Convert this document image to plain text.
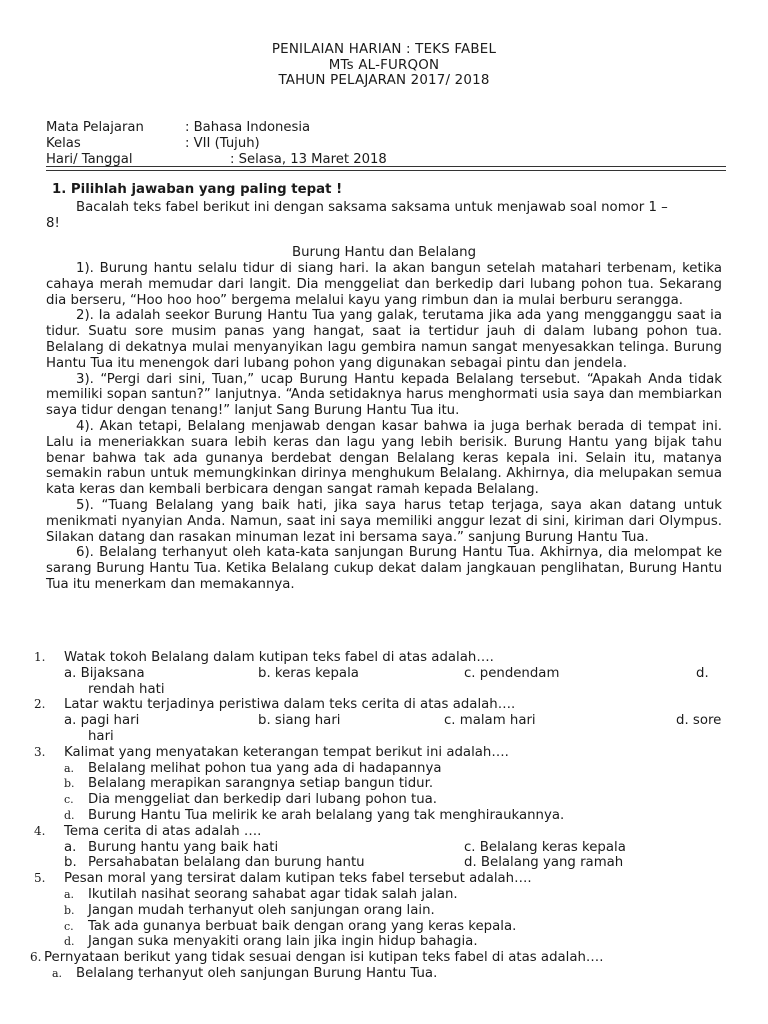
PENILAIAN HARIAN : TEKS FABEL
MTs AL-FURQON
TAHUN PELAJARAN 2017/ 2018
Mata Pelajaran	: Bahasa Indonesia
Kelas	: VII (Tujuh)
Hari/ Tanggal	: Selasa, 13 Maret 2018
1. Pilihlah jawaban yang paling tepat !

Bacalah teks fabel berikut ini dengan saksama saksama untuk menjawab soal nomor 1 –

8!
Burung Hantu dan Belalang

1). Burung hantu selalu tidur di siang hari. Ia akan bangun setelah matahari terbenam, ketika cahaya merah memudar dari langit. Dia menggeliat dan berkedip dari lubang pohon tua. Sekarang dia berseru, “Hoo hoo hoo” bergema melalui kayu yang rimbun dan ia mulai berburu serangga.

2). Ia adalah seekor Burung Hantu Tua yang galak, terutama jika ada yang mengganggu saat ia tidur. Suatu sore musim panas yang hangat, saat ia tertidur jauh di dalam lubang pohon tua. Belalang di dekatnya mulai menyanyikan lagu gembira namun sangat menyesakkan telinga. Burung Hantu Tua itu menengok dari lubang pohon yang digunakan sebagai pintu dan jendela.

3). “Pergi dari sini, Tuan,” ucap Burung Hantu kepada Belalang tersebut. “Apakah Anda tidak memiliki sopan santun?” lanjutnya. “Anda setidaknya harus menghormati usia saya dan membiarkan saya tidur dengan tenang!” lanjut Sang Burung Hantu Tua itu.

4). Akan tetapi, Belalang menjawab dengan kasar bahwa ia juga berhak berada di tempat ini. Lalu ia meneriakkan suara lebih keras dan lagu yang lebih berisik. Burung Hantu yang bijak tahu benar bahwa tak ada gunanya berdebat dengan Belalang keras kepala ini. Selain itu, matanya semakin rabun untuk memungkinkan dirinya menghukum Belalang. Akhirnya, dia melupakan semua kata keras dan kembali berbicara dengan sangat ramah kepada Belalang.

5). “Tuang Belalang yang baik hati, jika saya harus tetap terjaga, saya akan datang untuk menikmati nyanyian Anda. Namun, saat ini saya memiliki anggur lezat di sini, kiriman dari Olympus. Silakan datang dan rasakan minuman lezat ini bersama saya.” sanjung Burung Hantu Tua.

6). Belalang terhanyut oleh kata-kata sanjungan Burung Hantu Tua. Akhirnya, dia melompat ke sarang Burung Hantu Tua. Ketika Belalang cukup dekat dalam jangkauan penglihatan, Burung Hantu Tua itu menerkam dan memakannya.

1. Watak tokoh Belalang dalam kutipan teks fabel di atas adalah….
a. Bijaksana	b. keras kepala	c. pendendam	d.
rendah hati
2. Latar waktu terjadinya peristiwa dalam teks cerita di atas adalah….
a. pagi hari	b. siang hari	c. malam hari	d. sore
hari
3. Kalimat yang menyatakan keterangan tempat berikut ini adalah….
a. Belalang melihat pohon tua yang ada di hadapannya
b. Belalang merapikan sarangnya setiap bangun tidur.
c. Dia menggeliat dan berkedip dari lubang pohon tua.
d. Burung Hantu Tua melirik ke arah belalang yang tak menghiraukannya.
4. Tema cerita di atas adalah ….
a. Burung hantu yang baik hati	c. Belalang keras kepala
b. Persahabatan belalang dan burung hantu	d. Belalang yang ramah
5. Pesan moral yang tersirat dalam kutipan teks fabel tersebut adalah….
a. Ikutilah nasihat seorang sahabat agar tidak salah jalan.
b. Jangan mudah terhanyut oleh sanjungan orang lain.
c. Tak ada gunanya berbuat baik dengan orang yang keras kepala.
d. Jangan suka menyakiti orang lain jika ingin hidup bahagia.
6. Pernyataan berikut yang tidak sesuai dengan isi kutipan teks fabel di atas adalah….
a. Belalang terhanyut oleh sanjungan Burung Hantu Tua.
